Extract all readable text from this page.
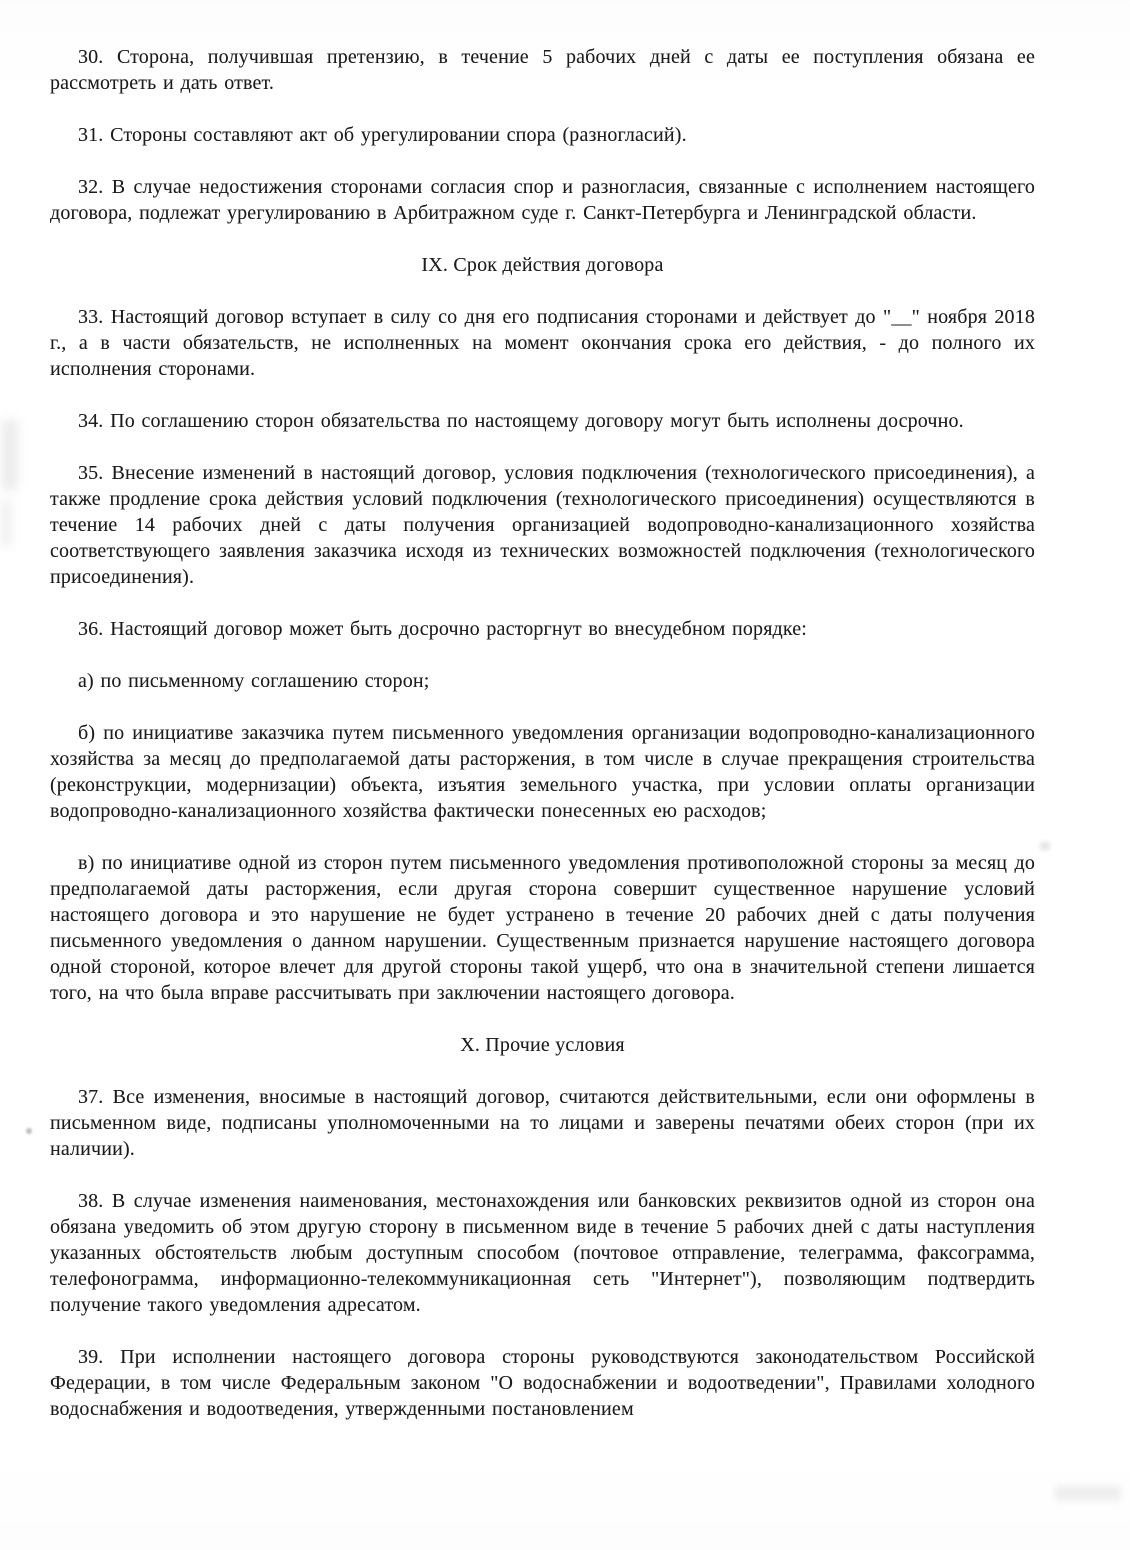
30. Сторона, получившая претензию, в течение 5 рабочих дней с даты ее поступления обязана ее рассмотреть и дать ответ.

31. Стороны составляют акт об урегулировании спора (разногласий).

32. В случае недостижения сторонами согласия спор и разногласия, связанные с исполнением настоящего договора, подлежат урегулированию в Арбитражном суде г. Санкт-Петербурга и Ленинградской области.

IX. Срок действия договора

33. Настоящий договор вступает в силу со дня его подписания сторонами и действует до "__" ноября 2018 г., а в части обязательств, не исполненных на момент окончания срока его действия, - до полного их исполнения сторонами.

34. По соглашению сторон обязательства по настоящему договору могут быть исполнены досрочно.

35. Внесение изменений в настоящий договор, условия подключения (технологического присоединения), а также продление срока действия условий подключения (технологического присоединения) осуществляются в течение 14 рабочих дней с даты получения организацией водопроводно-канализационного хозяйства соответствующего заявления заказчика исходя из технических возможностей подключения (технологического присоединения).

36. Настоящий договор может быть досрочно расторгнут во внесудебном порядке:

а) по письменному соглашению сторон;

б) по инициативе заказчика путем письменного уведомления организации водопроводно-канализационного хозяйства за месяц до предполагаемой даты расторжения, в том числе в случае прекращения строительства (реконструкции, модернизации) объекта, изъятия земельного участка, при условии оплаты организации водопроводно-канализационного хозяйства фактически понесенных ею расходов;

в) по инициативе одной из сторон путем письменного уведомления противоположной стороны за месяц до предполагаемой даты расторжения, если другая сторона совершит существенное нарушение условий настоящего договора и это нарушение не будет устранено в течение 20 рабочих дней с даты получения письменного уведомления о данном нарушении. Существенным признается нарушение настоящего договора одной стороной, которое влечет для другой стороны такой ущерб, что она в значительной степени лишается того, на что была вправе рассчитывать при заключении настоящего договора.

X. Прочие условия

37. Все изменения, вносимые в настоящий договор, считаются действительными, если они оформлены в письменном виде, подписаны уполномоченными на то лицами и заверены печатями обеих сторон (при их наличии).

38. В случае изменения наименования, местонахождения или банковских реквизитов одной из сторон она обязана уведомить об этом другую сторону в письменном виде в течение 5 рабочих дней с даты наступления указанных обстоятельств любым доступным способом (почтовое отправление, телеграмма, факсограмма, телефонограмма, информационно-телекоммуникационная сеть "Интернет"), позволяющим подтвердить получение такого уведомления адресатом.

39. При исполнении настоящего договора стороны руководствуются законодательством Российской Федерации, в том числе Федеральным законом "О водоснабжении и водоотведении", Правилами холодного водоснабжения и водоотведения, утвержденными постановлением
